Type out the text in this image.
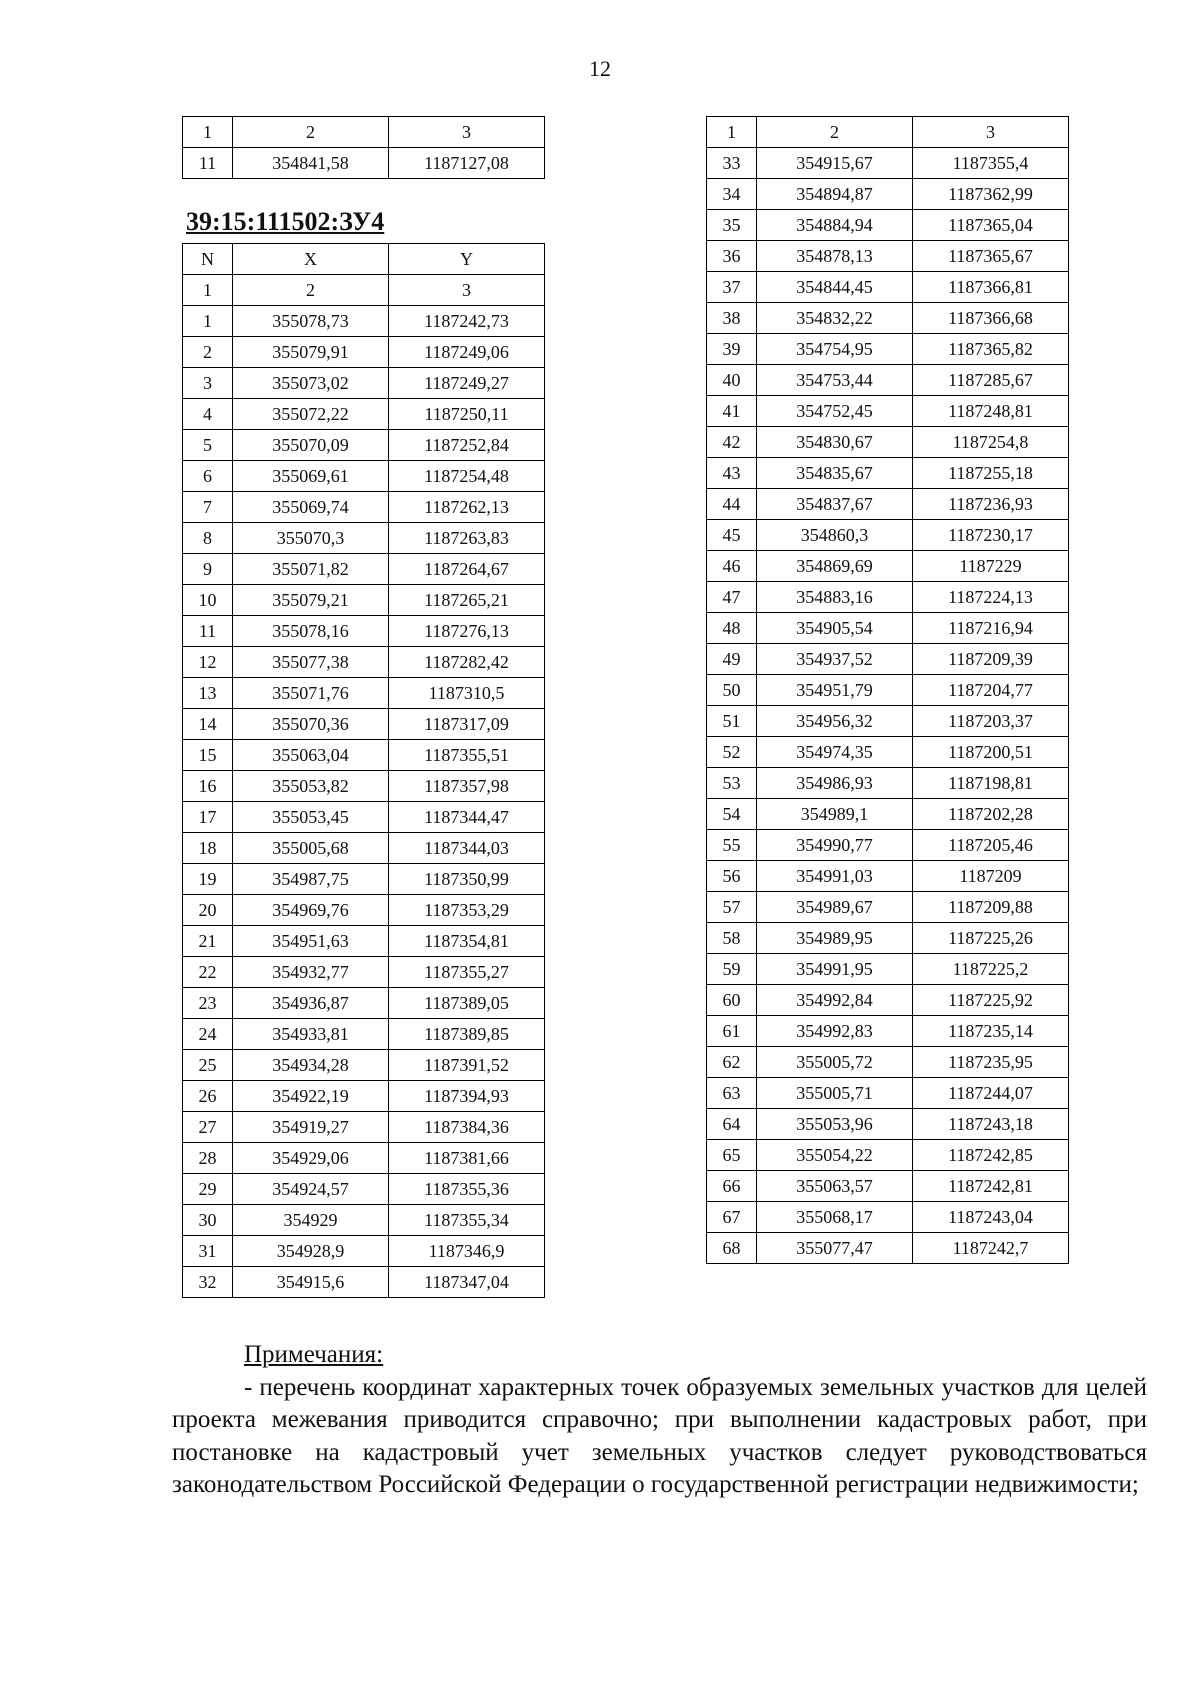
12
1	2	3
11	354841,58	1187127,08
39:15:111502:ЗУ4
N	X	Y
1	2	3
1	355078,73	1187242,73
2	355079,91	1187249,06
3	355073,02	1187249,27
4	355072,22	1187250,11
5	355070,09	1187252,84
6	355069,61	1187254,48
7	355069,74	1187262,13
8	355070,3	1187263,83
9	355071,82	1187264,67
10	355079,21	1187265,21
11	355078,16	1187276,13
12	355077,38	1187282,42
13	355071,76	1187310,5
14	355070,36	1187317,09
15	355063,04	1187355,51
16	355053,82	1187357,98
17	355053,45	1187344,47
18	355005,68	1187344,03
19	354987,75	1187350,99
20	354969,76	1187353,29
21	354951,63	1187354,81
22	354932,77	1187355,27
23	354936,87	1187389,05
24	354933,81	1187389,85
25	354934,28	1187391,52
26	354922,19	1187394,93
27	354919,27	1187384,36
28	354929,06	1187381,66
29	354924,57	1187355,36
30	354929	1187355,34
31	354928,9	1187346,9
32	354915,6	1187347,04
1	2	3
33	354915,67	1187355,4
34	354894,87	1187362,99
35	354884,94	1187365,04
36	354878,13	1187365,67
37	354844,45	1187366,81
38	354832,22	1187366,68
39	354754,95	1187365,82
40	354753,44	1187285,67
41	354752,45	1187248,81
42	354830,67	1187254,8
43	354835,67	1187255,18
44	354837,67	1187236,93
45	354860,3	1187230,17
46	354869,69	1187229
47	354883,16	1187224,13
48	354905,54	1187216,94
49	354937,52	1187209,39
50	354951,79	1187204,77
51	354956,32	1187203,37
52	354974,35	1187200,51
53	354986,93	1187198,81
54	354989,1	1187202,28
55	354990,77	1187205,46
56	354991,03	1187209
57	354989,67	1187209,88
58	354989,95	1187225,26
59	354991,95	1187225,2
60	354992,84	1187225,92
61	354992,83	1187235,14
62	355005,72	1187235,95
63	355005,71	1187244,07
64	355053,96	1187243,18
65	355054,22	1187242,85
66	355063,57	1187242,81
67	355068,17	1187243,04
68	355077,47	1187242,7

Примечания:

- перечень координат характерных точек образуемых земельных участков для целей проекта межевания приводится справочно; при выполнении кадастровых работ, при постановке на кадастровый учет земельных участков следует руководствоваться законодательством Российской Федерации о государственной регистрации недвижимости;
